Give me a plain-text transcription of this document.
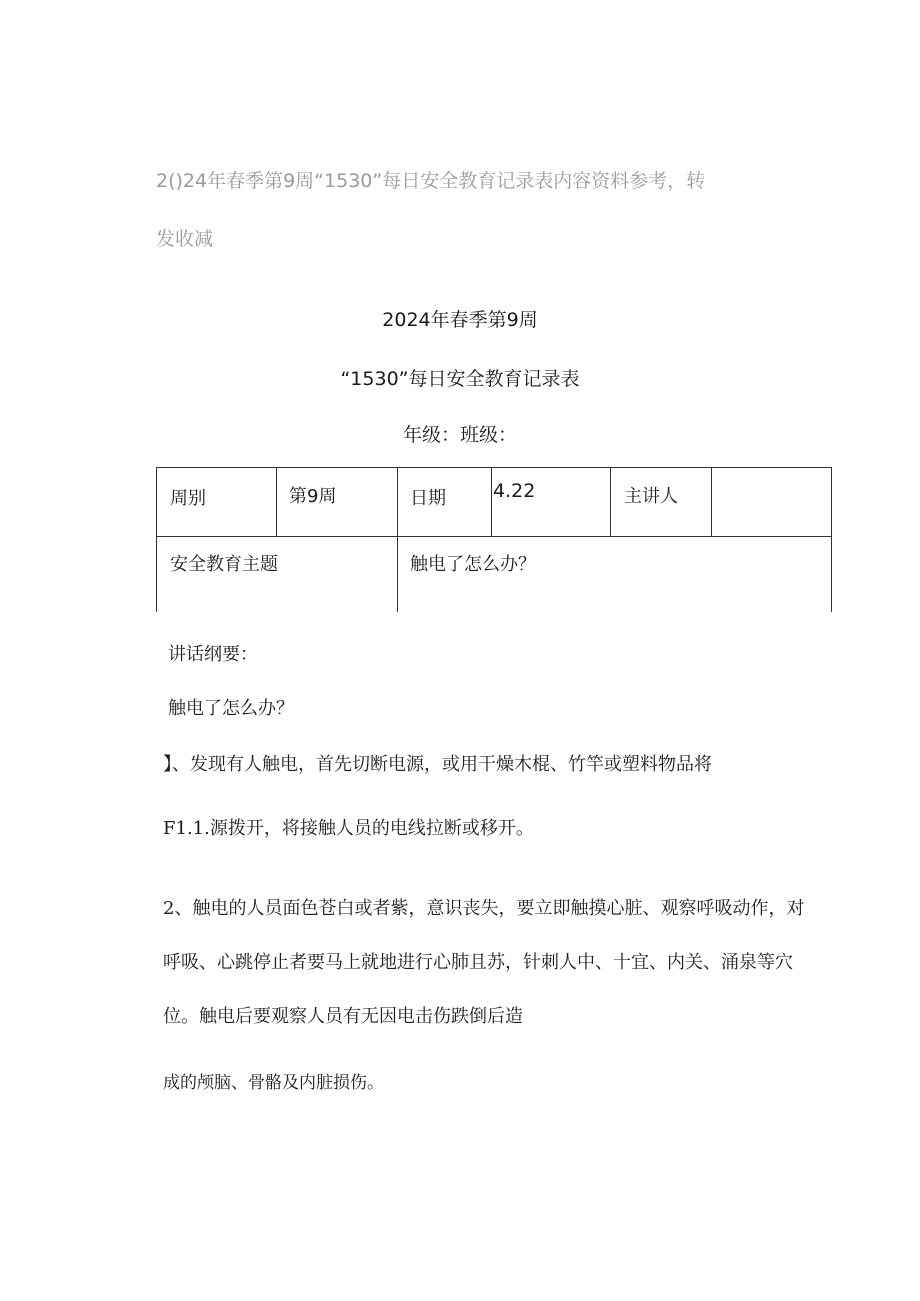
2()24年春季第9周“1530”每日安全教育记录表内容资料参考，转
发收减
2024年春季第9周
“1530”每日安全教育记录表
年级：班级：
周别	第9周	日期 4.22	主讲人
安全教育主题	触电了怎么办？
讲话纲要：
触电了怎么办？
】、发现有人触电，首先切断电源，或用干燥木棍、竹竿或塑料物品将
F1.1.源拨开，将接触人员的电线拉断或移开。
2、触电的人员面色苍白或者紫，意识丧失，要立即触摸心脏、观察呼吸动作，对
呼吸、心跳停止者要马上就地进行心肺且苏，针刺人中、十宜、内关、涌泉等穴
位。触电后要观察人员有无因电击伤跌倒后造
成的颅脑、骨骼及内脏损伤。
